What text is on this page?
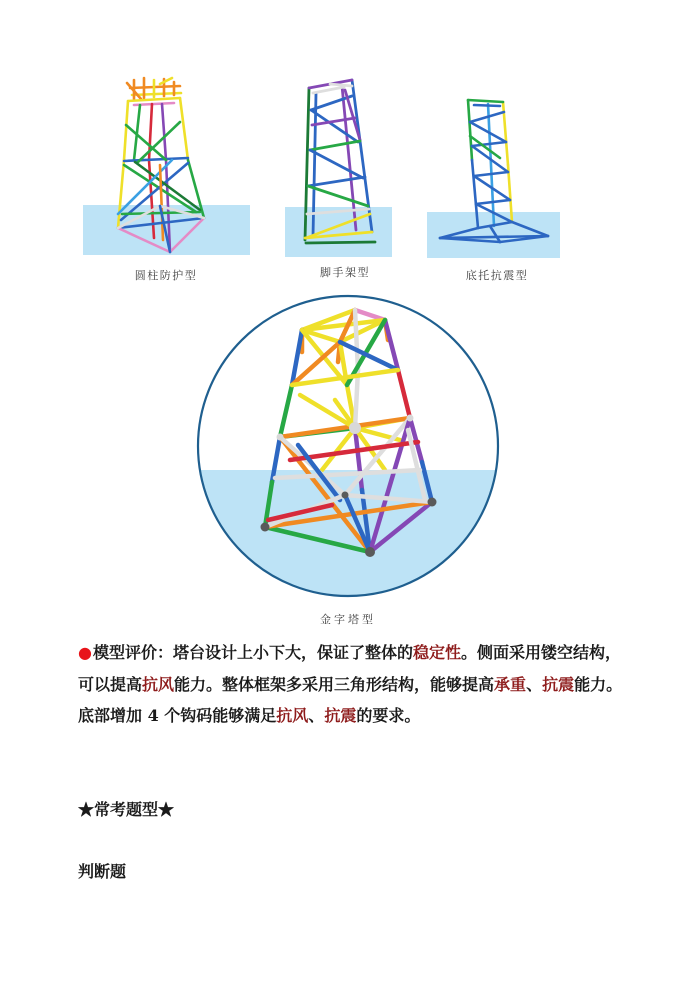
圆柱防护型	脚手架型	底托抗震型
金字塔型
●模型评价：塔台设计上小下大，保证了整体的稳定性。侧面采用镂空结构，
可以提高抗风能力。整体框架多采用三角形结构，能够提高承重、抗震能力。
底部增加 4 个钩码能够满足抗风、抗震的要求。
★常考题型★
判断题
